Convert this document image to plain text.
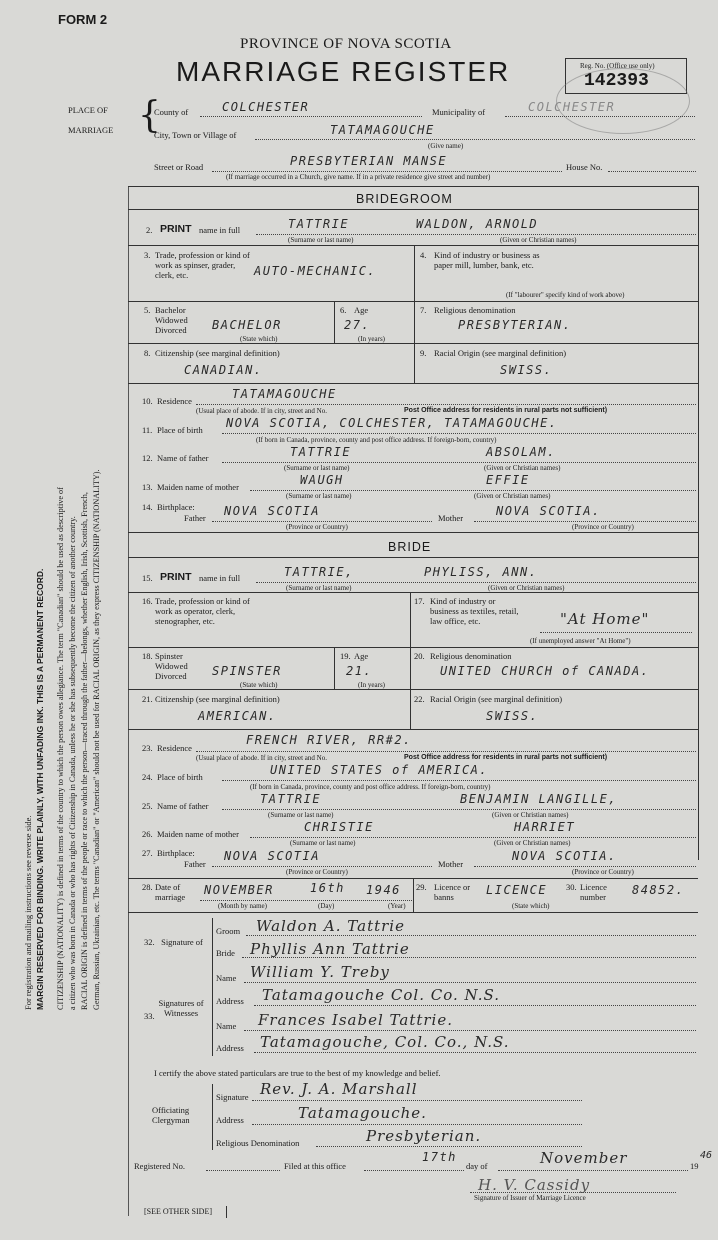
For registration and mailing instructions see reverse side. MARGIN RESERVED FOR BINDING. WRITE PLAINLY, WITH UNFADING INK. THIS IS A PERMANENT RECORD. CITIZENSHIP (NATIONALITY) is defined in terms of the country to which the person owes allegiance. The term "Canadian" should be used as descriptive of a citizen who was born in Canada or who has rights of Citizenship in Canada, unless he or she has subsequently become the citizen of another country. RACIAL ORIGIN is defined in terms of the people or race to which the person—traced through the father—belongs, whether English, Irish, Scottish, French, German, Russian, Ukrainian, etc. The terms "Canadian" or "American" should not be used for RACIAL ORIGIN, as they express CITIZENSHIP (NATIONALITY).
FORM 2
PROVINCE OF NOVA SCOTIA
MARRIAGE REGISTER	Reg. No. (Office use only)
142393
PLACE OF
MARRIAGE {
County of	COLCHESTER	Municipality of	COLCHESTER
City, Town or Village of	TATAMAGOUCHE
(Give name)
Street or Road	PRESBYTERIAN MANSE	House No.
(If marriage occurred in a Church, give name. If in a private residence give street and number)
BRIDEGROOM
2. PRINT name in full	TATTRIE	WALDON, ARNOLD
(Surname or last name)	(Given or Christian names)
3. Trade, profession or kind of work as spinser, grader, clerk, etc.	AUTO-MECHANIC.
4. Kind of industry or business as paper mill, lumber, bank, etc.
(If "labourer" specify kind of work above)
5. Bachelor Widowed Divorced	BACHELOR
(State which)
6. Age
27.
(In years)
7. Religious denomination
PRESBYTERIAN.
8. Citizenship (see marginal definition)
CANADIAN.
9. Racial Origin (see marginal definition)
SWISS.
10. Residence	TATAMAGOUCHE
(Usual place of abode. If in city, street and No.	Post Office address for residents in rural parts not sufficient)
11. Place of birth NOVA SCOTIA, COLCHESTER, TATAMAGOUCHE.
(If born in Canada, province, county and post office address. If foreign-born, country)
12. Name of father	TATTRIE	ABSOLAM.
(Surname or last name)	(Given or Christian names)
13. Maiden name of mother	WAUGH	EFFIE
(Surname or last name)	(Given or Christian names)
14. Birthplace:
Father NOVA SCOTIA	Mother	NOVA SCOTIA.
(Province or Country)	(Province or Country)
BRIDE
15. PRINT name in full	TATTRIE,	PHYLISS, ANN.
(Surname or last name)	(Given or Christian names)
16. Trade, profession or kind of work as operator, clerk, stenographer, etc.
17. Kind of industry or business as textiles, retail, law office, etc.	"At Home"
(If unemployed answer "At Home")
18. Spinster Widowed Divorced	SPINSTER
(State which)
19. Age
21.
(In years)
20. Religious denomination
UNITED CHURCH of CANADA.
21. Citizenship (see marginal definition)
AMERICAN.
22. Racial Origin (see marginal definition)
SWISS.
23. Residence
FRENCH RIVER, RR#2.
(Usual place of abode. If in city, street and No.	Post Office address for residents in rural parts not sufficient)
24. Place of birth	UNITED STATES of AMERICA.
(If born in Canada, province, county and post office address. If foreign-born, country)
25. Name of father	TATTRIE	BENJAMIN LANGILLE,
(Surname or last name)	(Given or Christian names)
26. Maiden name of mother	CHRISTIE	HARRIET
(Surname or last name)	(Given or Christian names)
27. Birthplace:
Father
NOVA SCOTIA
Mother
NOVA SCOTIA.
(Province or Country)	(Province or Country)
28. Date of marriage	NOVEMBER	16th 1946
(Month by name)	(Day)	(Year)
29. Licence or banns	LICENCE
(State which)
30. Licence number	84852.
32. Signature of
Groom Waldon A. Tattrie
Bride Phyllis Ann Tattrie
33.
Signatures of Witnesses
Name William Y. Treby
Address Tatamagouche Col. Co. N.S.
Name Frances Isabel Tattrie.
Address Tatamagouche, Col. Co., N.S.
I certify the above stated particulars are true to the best of my knowledge and belief.
Officiating Clergyman
Signature Rev. J. A. Marshall
Address	Tatamagouche.
Religious Denomination	Presbyterian.
Registered No.	Filed at this office
17th
day of	November	19
46
H. V. Cassidy
Signature of Issuer of Marriage Licence
[SEE OTHER SIDE]
